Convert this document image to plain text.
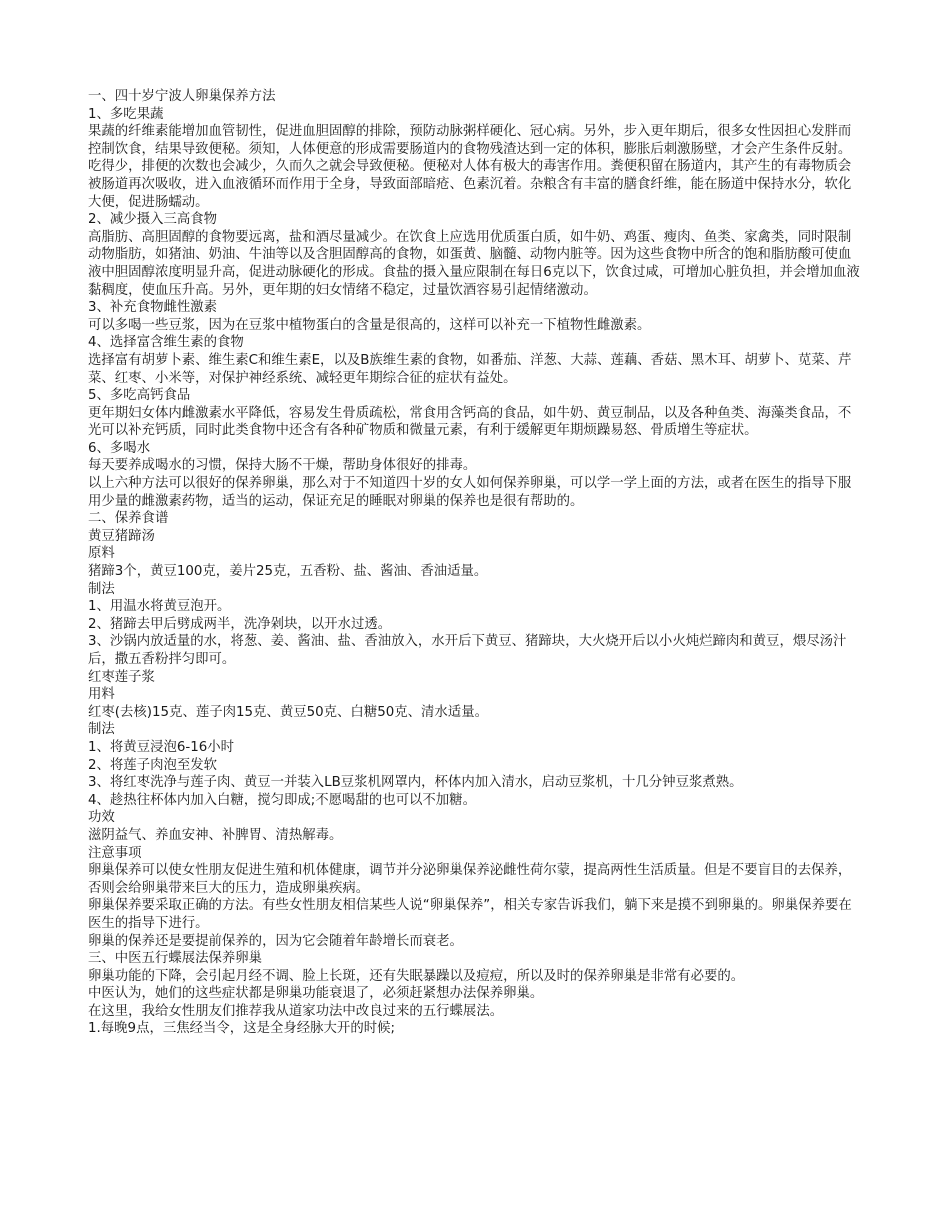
一、四十岁宁波人卵巢保养方法

1、多吃果蔬

果蔬的纤维素能增加血管韧性，促进血胆固醇的排除，预防动脉粥样硬化、冠心病。另外，步入更年期后，很多女性因担心发胖而控制饮食，结果导致便秘。须知，人体便意的形成需要肠道内的食物残渣达到一定的体积，膨胀后刺激肠壁，才会产生条件反射。吃得少，排便的次数也会减少，久而久之就会导致便秘。便秘对人体有极大的毒害作用。粪便积留在肠道内，其产生的有毒物质会被肠道再次吸收，进入血液循环而作用于全身，导致面部暗疮、色素沉着。杂粮含有丰富的膳食纤维，能在肠道中保持水分，软化大便，促进肠蠕动。

2、减少摄入三高食物

高脂肪、高胆固醇的食物要远离，盐和酒尽量减少。在饮食上应选用优质蛋白质，如牛奶、鸡蛋、瘦肉、鱼类、家禽类，同时限制动物脂肪，如猪油、奶油、牛油等以及含胆固醇高的食物，如蛋黄、脑髓、动物内脏等。因为这些食物中所含的饱和脂肪酸可使血液中胆固醇浓度明显升高，促进动脉硬化的形成。食盐的摄入量应限制在每日6克以下，饮食过咸，可增加心脏负担，并会增加血液黏稠度，使血压升高。另外，更年期的妇女情绪不稳定，过量饮酒容易引起情绪激动。

3、补充食物雌性激素

可以多喝一些豆浆，因为在豆浆中植物蛋白的含量是很高的，这样可以补充一下植物性雌激素。

4、选择富含维生素的食物

选择富有胡萝卜素、维生素C和维生素E，以及B族维生素的食物，如番茄、洋葱、大蒜、莲藕、香菇、黑木耳、胡萝卜、苋菜、芹菜、红枣、小米等，对保护神经系统、减轻更年期综合征的症状有益处。

5、多吃高钙食品

更年期妇女体内雌激素水平降低，容易发生骨质疏松，常食用含钙高的食品，如牛奶、黄豆制品，以及各种鱼类、海藻类食品，不光可以补充钙质，同时此类食物中还含有各种矿物质和微量元素，有利于缓解更年期烦躁易怒、骨质增生等症状。

6、多喝水

每天要养成喝水的习惯，保持大肠不干燥，帮助身体很好的排毒。

以上六种方法可以很好的保养卵巢，那么对于不知道四十岁的女人如何保养卵巢，可以学一学上面的方法，或者在医生的指导下服用少量的雌激素药物，适当的运动，保证充足的睡眠对卵巢的保养也是很有帮助的。

二、保养食谱

黄豆猪蹄汤

原料

猪蹄3个，黄豆100克，姜片25克，五香粉、盐、酱油、香油适量。

制法

1、用温水将黄豆泡开。

2、猪蹄去甲后劈成两半，洗净剁块，以开水过透。

3、沙锅内放适量的水，将葱、姜、酱油、盐、香油放入，水开后下黄豆、猪蹄块，大火烧开后以小火炖烂蹄肉和黄豆，煨尽汤汁后，撒五香粉拌匀即可。

红枣莲子浆

用料

红枣(去核)15克、莲子肉15克、黄豆50克、白糖50克、清水适量。

制法

1、将黄豆浸泡6-16小时

2、将莲子肉泡至发软

3、将红枣洗净与莲子肉、黄豆一并装入LB豆浆机网罩内，杯体内加入清水，启动豆浆机，十几分钟豆浆煮熟。

4、趁热往杯体内加入白糖，搅匀即成;不愿喝甜的也可以不加糖。

功效

滋阴益气、养血安神、补脾胃、清热解毒。

注意事项

卵巢保养可以使女性朋友促进生殖和机体健康，调节并分泌卵巢保养泌雌性荷尔蒙，提高两性生活质量。但是不要盲目的去保养，否则会给卵巢带来巨大的压力，造成卵巢疾病。

卵巢保养要采取正确的方法。有些女性朋友相信某些人说“卵巢保养”，相关专家告诉我们，躺下来是摸不到卵巢的。卵巢保养要在医生的指导下进行。

卵巢的保养还是要提前保养的，因为它会随着年龄增长而衰老。

三、中医五行蝶展法保养卵巢

卵巢功能的下降，会引起月经不调、脸上长斑，还有失眠暴躁以及痘痘，所以及时的保养卵巢是非常有必要的。

中医认为，她们的这些症状都是卵巢功能衰退了，必须赶紧想办法保养卵巢。

在这里，我给女性朋友们推荐我从道家功法中改良过来的五行蝶展法。

1.每晚9点，三焦经当令，这是全身经脉大开的时候;
